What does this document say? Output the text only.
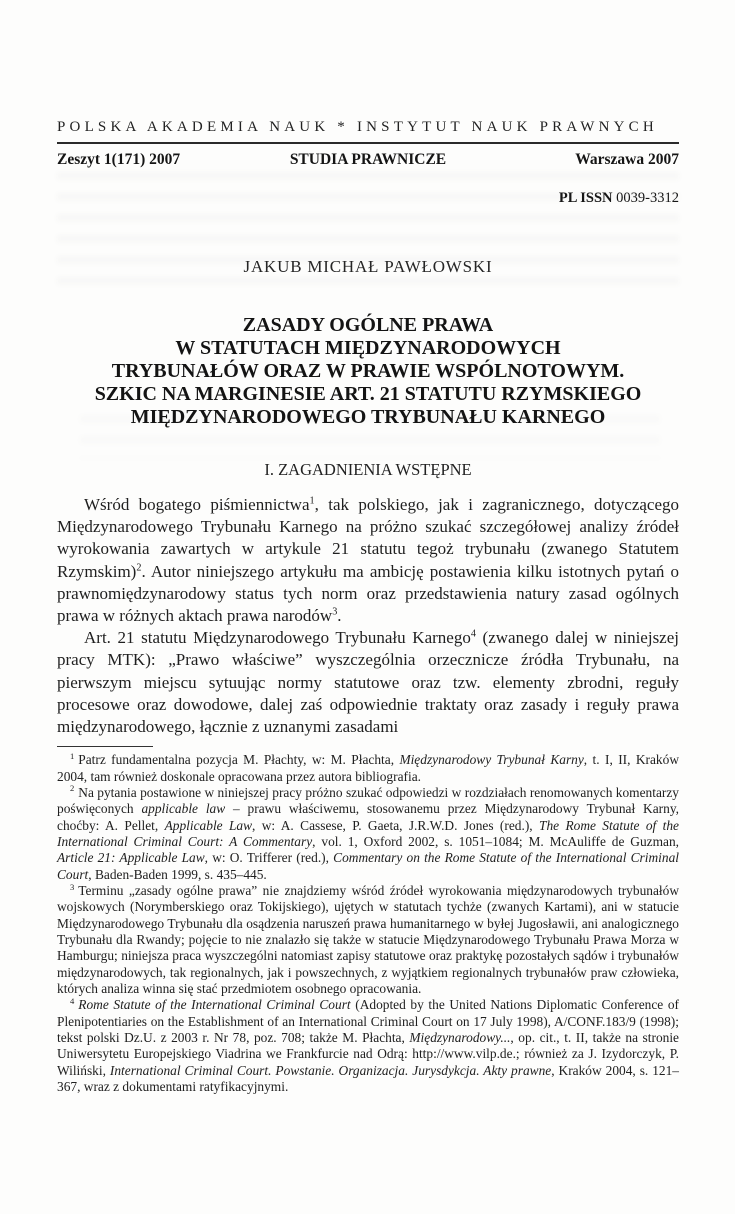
POLSKA AKADEMIA NAUK * INSTYTUT NAUK PRAWNYCH
Zeszyt 1(171) 2007	STUDIA PRAWNICZE	Warszawa 2007
PL ISSN 0039-3312
JAKUB MICHAŁ PAWŁOWSKI
ZASADY OGÓLNE PRAWA
W STATUTACH MIĘDZYNARODOWYCH
TRYBUNAŁÓW ORAZ W PRAWIE WSPÓLNOTOWYM.
SZKIC NA MARGINESIE ART. 21 STATUTU RZYMSKIEGO
MIĘDZYNARODOWEGO TRYBUNAŁU KARNEGO
I. ZAGADNIENIA WSTĘPNE

Wśród bogatego piśmiennictwa$^1$, tak polskiego, jak i zagranicznego, dotyczącego Międzynarodowego Trybunału Karnego na próżno szukać szczegółowej analizy źródeł wyrokowania zawartych w artykule 21 statutu tegoż trybunału (zwanego Statutem Rzymskim)$^2$. Autor niniejszego artykułu ma ambicję postawienia kilku istotnych pytań o prawnomiędzynarodowy status tych norm oraz przedstawienia natury zasad ogólnych prawa w różnych aktach prawa narodów$^3$.

Art. 21 statutu Międzynarodowego Trybunału Karnego$^4$ (zwanego dalej w niniejszej pracy MTK): „Prawo właściwe” wyszczególnia orzecznicze źródła Trybunału, na pierwszym miejscu sytuując normy statutowe oraz tzw. elementy zbrodni, reguły procesowe oraz dowodowe, dalej zaś odpowiednie traktaty oraz zasady i reguły prawa międzynarodowego, łącznie z uznanymi zasadami

$^1$ Patrz fundamentalna pozycja M. Płachty, w: M. Płachta, Międzynarodowy Trybunał Karny, t. I, II, Kraków 2004, tam również doskonale opracowana przez autora bibliografia.
$^2$ Na pytania postawione w niniejszej pracy próżno szukać odpowiedzi w rozdziałach renomowanych komentarzy poświęconych applicable law – prawu właściwemu, stosowanemu przez Międzynarodowy Trybunał Karny, choćby: A. Pellet, Applicable Law, w: A. Cassese, P. Gaeta, J.R.W.D. Jones (red.), The Rome Statute of the International Criminal Court: A Commentary, vol. 1, Oxford 2002, s. 1051–1084; M. McAuliffe de Guzman, Article 21: Applicable Law, w: O. Trifferer (red.), Commentary on the Rome Statute of the International Criminal Court, Baden-Baden 1999, s. 435–445.
$^3$ Terminu „zasady ogólne prawa” nie znajdziemy wśród źródeł wyrokowania międzynarodowych trybunałów wojskowych (Norymberskiego oraz Tokijskiego), ujętych w statutach tychże (zwanych Kartami), ani w statucie Międzynarodowego Trybunału dla osądzenia naruszeń prawa humanitarnego w byłej Jugosławii, ani analogicznego Trybunału dla Rwandy; pojęcie to nie znalazło się także w statucie Międzynarodowego Trybunału Prawa Morza w Hamburgu; niniejsza praca wyszczególni natomiast zapisy statutowe oraz praktykę pozostałych sądów i trybunałów międzynarodowych, tak regionalnych, jak i powszechnych, z wyjątkiem regionalnych trybunałów praw człowieka, których analiza winna się stać przedmiotem osobnego opracowania.
$^4$ Rome Statute of the International Criminal Court (Adopted by the United Nations Diplomatic Conference of Plenipotentiaries on the Establishment of an International Criminal Court on 17 July 1998), A/CONF.183/9 (1998); tekst polski Dz.U. z 2003 r. Nr 78, poz. 708; także M. Płachta, Międzynarodowy..., op. cit., t. II, także na stronie Uniwersytetu Europejskiego Viadrina we Frankfurcie nad Odrą: http://www.vilp.de.; również za J. Izydorczyk, P. Wiliński, International Criminal Court. Powstanie. Organizacja. Jurysdykcja. Akty prawne, Kraków 2004, s. 121–367, wraz z dokumentami ratyfikacyjnymi.
